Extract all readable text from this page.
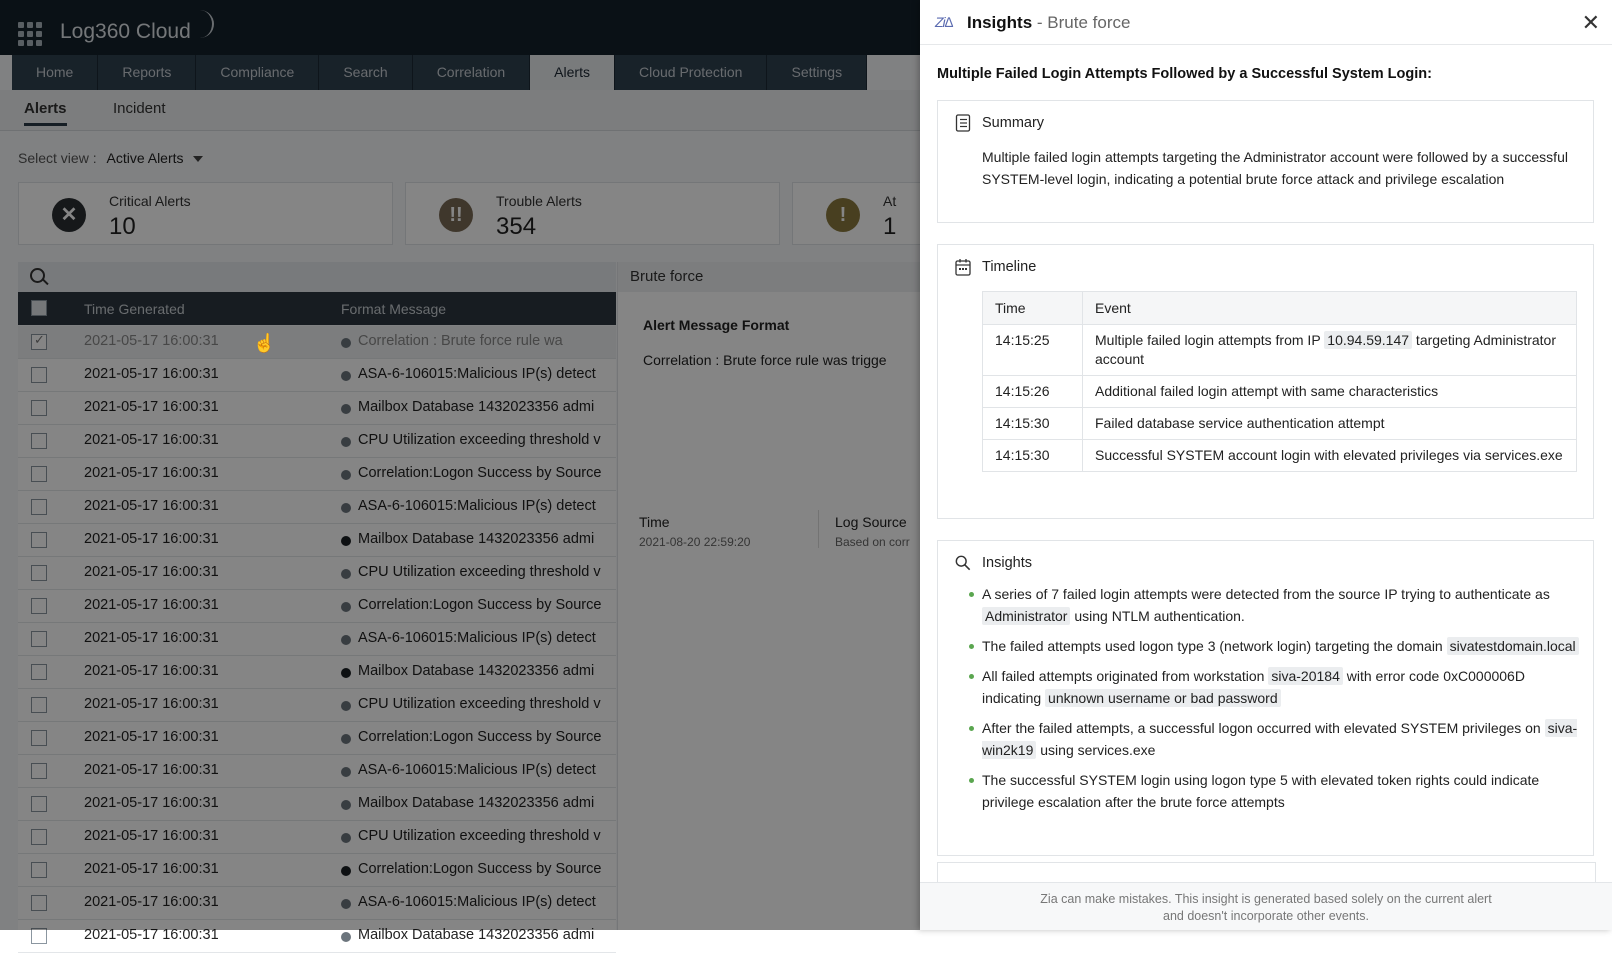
Log360 Cloud
Home	Reports	Compliance	Search	Correlation	Alerts	Cloud Protection	Settings
Alerts	Incident
Select view : Active Alerts
✕
Critical Alerts
10	!!
Trouble Alerts
354	!
At
1
Time Generated	Format Message
✓	2021-05-17 16:00:31	Correlation : Brute force rule wa
2021-05-17 16:00:31	ASA-6-106015:Malicious IP(s) detect
2021-05-17 16:00:31	Mailbox Database 1432023356 admi
2021-05-17 16:00:31	CPU Utilization exceeding threshold v
2021-05-17 16:00:31	Correlation:Logon Success by Source
2021-05-17 16:00:31	ASA-6-106015:Malicious IP(s) detect
2021-05-17 16:00:31	Mailbox Database 1432023356 admi
2021-05-17 16:00:31	CPU Utilization exceeding threshold v
2021-05-17 16:00:31	Correlation:Logon Success by Source
2021-05-17 16:00:31	ASA-6-106015:Malicious IP(s) detect
2021-05-17 16:00:31	Mailbox Database 1432023356 admi
2021-05-17 16:00:31	CPU Utilization exceeding threshold v
2021-05-17 16:00:31	Correlation:Logon Success by Source
2021-05-17 16:00:31	ASA-6-106015:Malicious IP(s) detect
2021-05-17 16:00:31	Mailbox Database 1432023356 admi
2021-05-17 16:00:31	CPU Utilization exceeding threshold v
2021-05-17 16:00:31	Correlation:Logon Success by Source
2021-05-17 16:00:31	ASA-6-106015:Malicious IP(s) detect
2021-05-17 16:00:31	Mailbox Database 1432023356 admi
Brute force
Alert Message Format
Correlation : Brute force rule was trigge
Time
2021-08-20 22:59:20
Log Source
Based on corr
☝
Zi∆ Insights - Brute force	✕
Multiple Failed Login Attempts Followed by a Successful System Login:
Summary
Multiple failed login attempts targeting the Administrator account were followed by a successful SYSTEM-level login, indicating a potential brute force attack and privilege escalation
Timeline
Time	Event
14:15:25	Multiple failed login attempts from IP 10.94.59.147 targeting Administrator account
14:15:26	Additional failed login attempt with same characteristics
14:15:30	Failed database service authentication attempt
14:15:30	Successful SYSTEM account login with elevated privileges via services.exe
Insights
A series of 7 failed login attempts were detected from the source IP trying to authenticate as Administrator using NTLM authentication.
The failed attempts used logon type 3 (network login) targeting the domain sivatestdomain.local
All failed attempts originated from workstation siva-20184 with error code 0xC000006D indicating unknown username or bad password
After the failed attempts, a successful logon occurred with elevated SYSTEM privileges on siva-win2k19 using services.exe
The successful SYSTEM login using logon type 5 with elevated token rights could indicate privilege escalation after the brute force attempts
Zia can make mistakes. This insight is generated based solely on the current alert
and doesn't incorporate other events.
